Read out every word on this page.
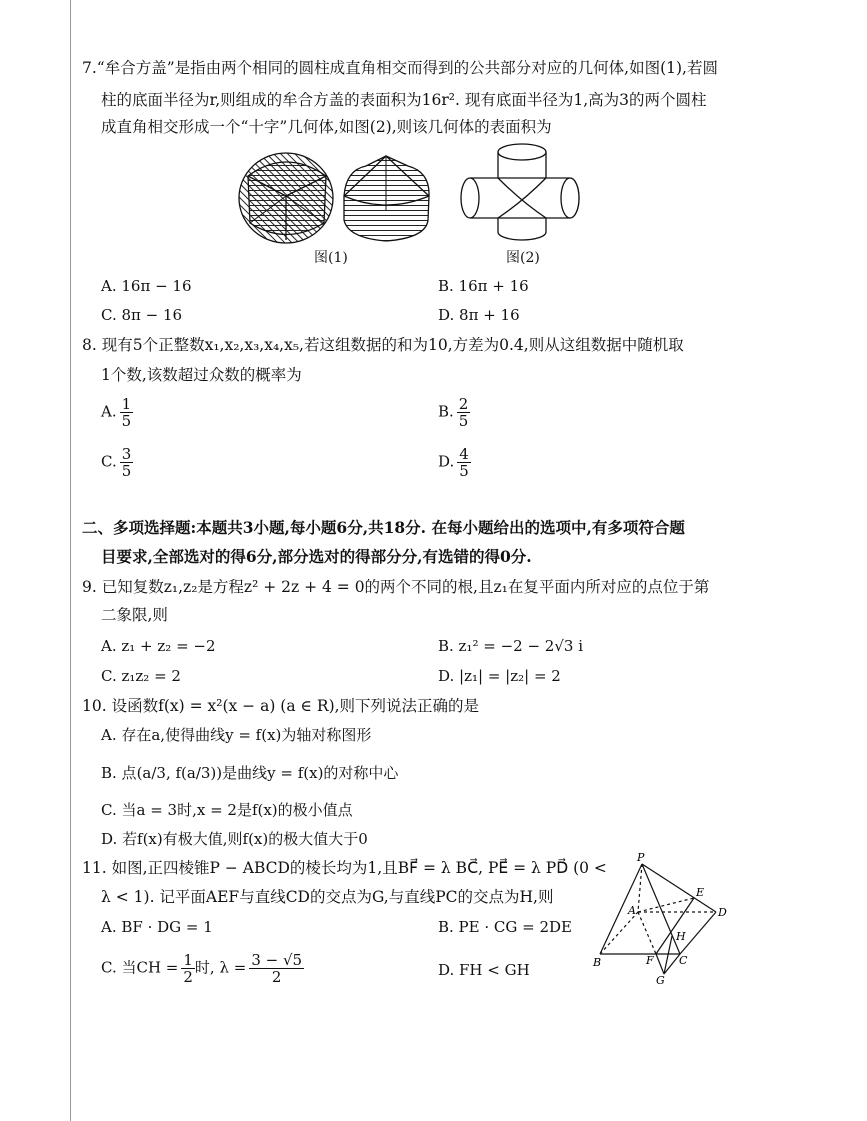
7.“牟合方盖”是指由两个相同的圆柱成直角相交而得到的公共部分对应的几何体,如图(1),若圆
柱的底面半径为r,则组成的牟合方盖的表面积为16r². 现有底面半径为1,高为3的两个圆柱
成直角相交形成一个“十字”几何体,如图(2),则该几何体的表面积为
图(1)	图(2)
A. 16π − 16	B. 16π + 16
C. 8π − 16	D. 8π + 16
8. 现有5个正整数x₁,x₂,x₃,x₄,x₅,若这组数据的和为10,方差为0.4,则从这组数据中随机取
1个数,该数超过众数的概率为
A. $\frac{1}{5}$	B. $\frac{2}{5}$
C. $\frac{3}{5}$	D. $\frac{4}{5}$
二、多项选择题:本题共3小题,每小题6分,共18分. 在每小题给出的选项中,有多项符合题
目要求,全部选对的得6分,部分选对的得部分分,有选错的得0分.
9. 已知复数z₁,z₂是方程z² + 2z + 4 = 0的两个不同的根,且z₁在复平面内所对应的点位于第
二象限,则
A. z₁ + z₂ = −2	B. z₁² = −2 − 2√3 i
C. z₁z₂ = 2	D. |z₁| = |z₂| = 2
10. 设函数f(x) = x²(x − a) (a ∈ R),则下列说法正确的是
A. 存在a,使得曲线y = f(x)为轴对称图形
B. 点(a/3, f(a/3))是曲线y = f(x)的对称中心
C. 当a = 3时,x = 2是f(x)的极小值点
D. 若f(x)有极大值,则f(x)的极大值大于0
11. 如图,正四棱锥P − ABCD的棱长均为1,且BF⃗ = λ BC⃗, PE⃗ = λ PD⃗ (0 <
λ < 1). 记平面AEF与直线CD的交点为G,与直线PC的交点为H,则
A. BF · DG = 1	B. PE · CG = 2DE
C. 当CH = $\frac{1}{2}$ 时, $\lambda = \frac{3 - √5}{2}$	D. FH < GH
P
A
B	C
D
E
F
G
H
